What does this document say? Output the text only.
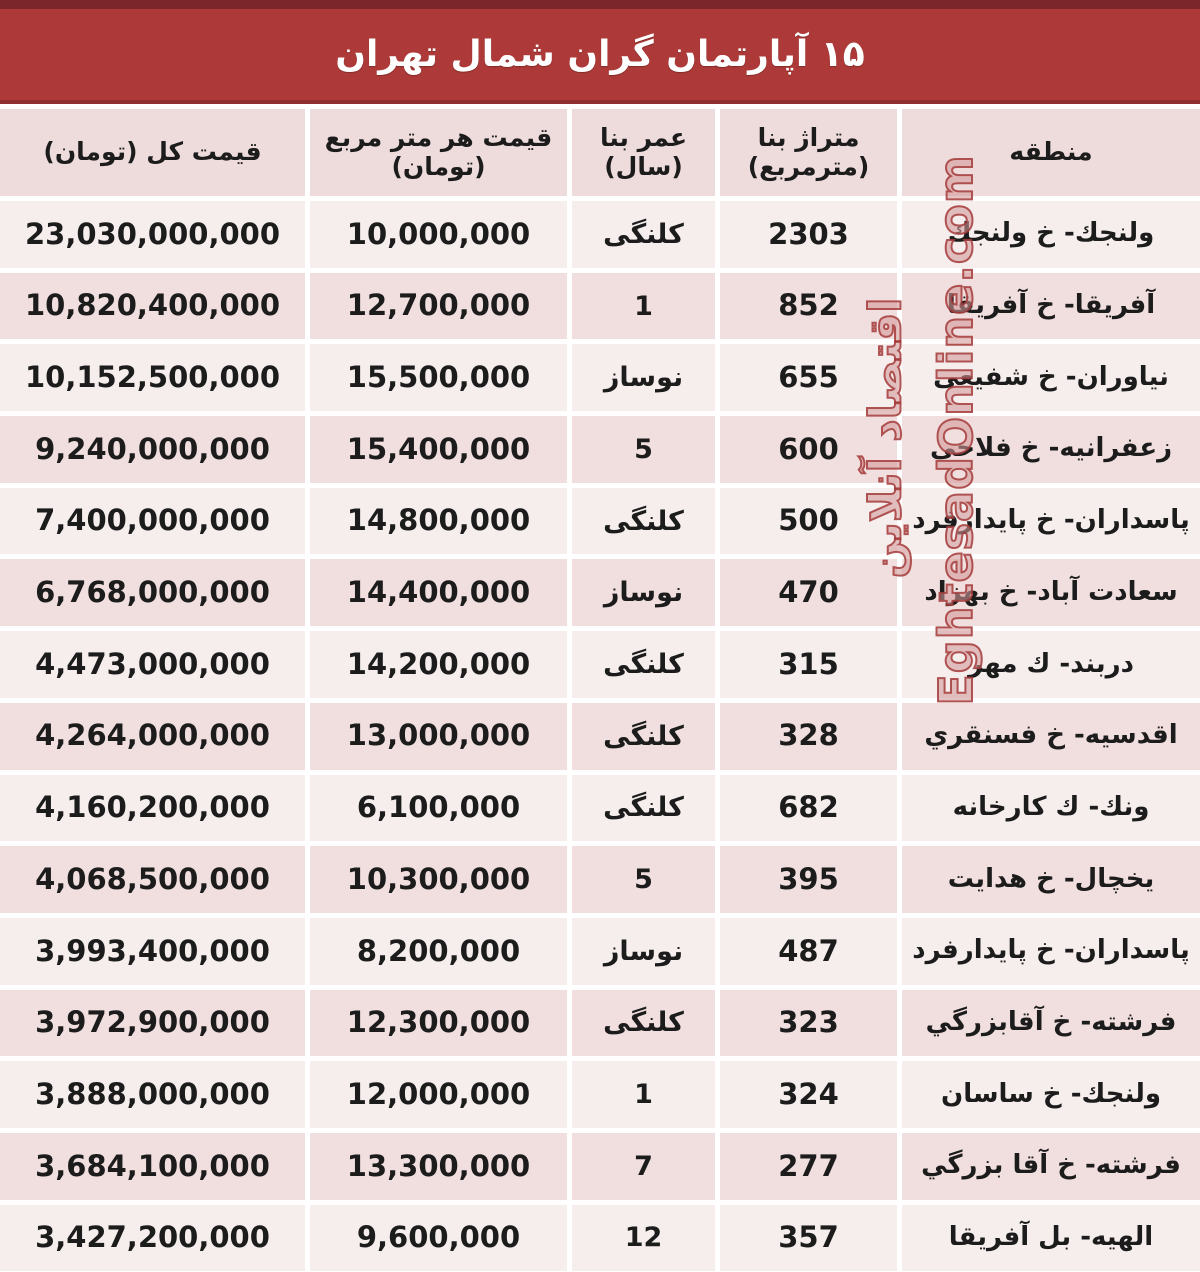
۱۵ آپارتمان گران شمال تهران
منطقه
متراژ بنا
(مترمربع)
عمر بنا
(سال)
قیمت هر متر مربع
(تومان)
قیمت کل (تومان)
ولنجك- خ ولنجك
2303
كلنگى
10,000,000
23,030,000,000
آفریقا- خ آفریقا
852
1
12,700,000
10,820,400,000
نیاوران- خ شفیعی
655
نوساز
15,500,000
10,152,500,000
زعفرانیه- خ فلاحی
600
5
15,400,000
9,240,000,000
پاسداران- خ پایدارفرد
500
كلنگى
14,800,000
7,400,000,000
سعادت آباد- خ بهزاد
470
نوساز
14,400,000
6,768,000,000
دربند- ك مهر
315
كلنگى
14,200,000
4,473,000,000
اقدسیه- خ فسنقري
328
كلنگى
13,000,000
4,264,000,000
ونك- ك كارخانه
682
كلنگى
6,100,000
4,160,200,000
یخچال- خ هدایت
395
5
10,300,000
4,068,500,000
پاسداران- خ پایدارفرد
487
نوساز
8,200,000
3,993,400,000
فرشته- خ آقابزرگي
323
كلنگى
12,300,000
3,972,900,000
ولنجك- خ ساسان
324
1
12,000,000
3,888,000,000
فرشته- خ آقا بزرگي
277
7
13,300,000
3,684,100,000
الهیه- بل آفریقا
357
12
9,600,000
3,427,200,000
اقتصاد آنلاین EghtesadOnline.com
